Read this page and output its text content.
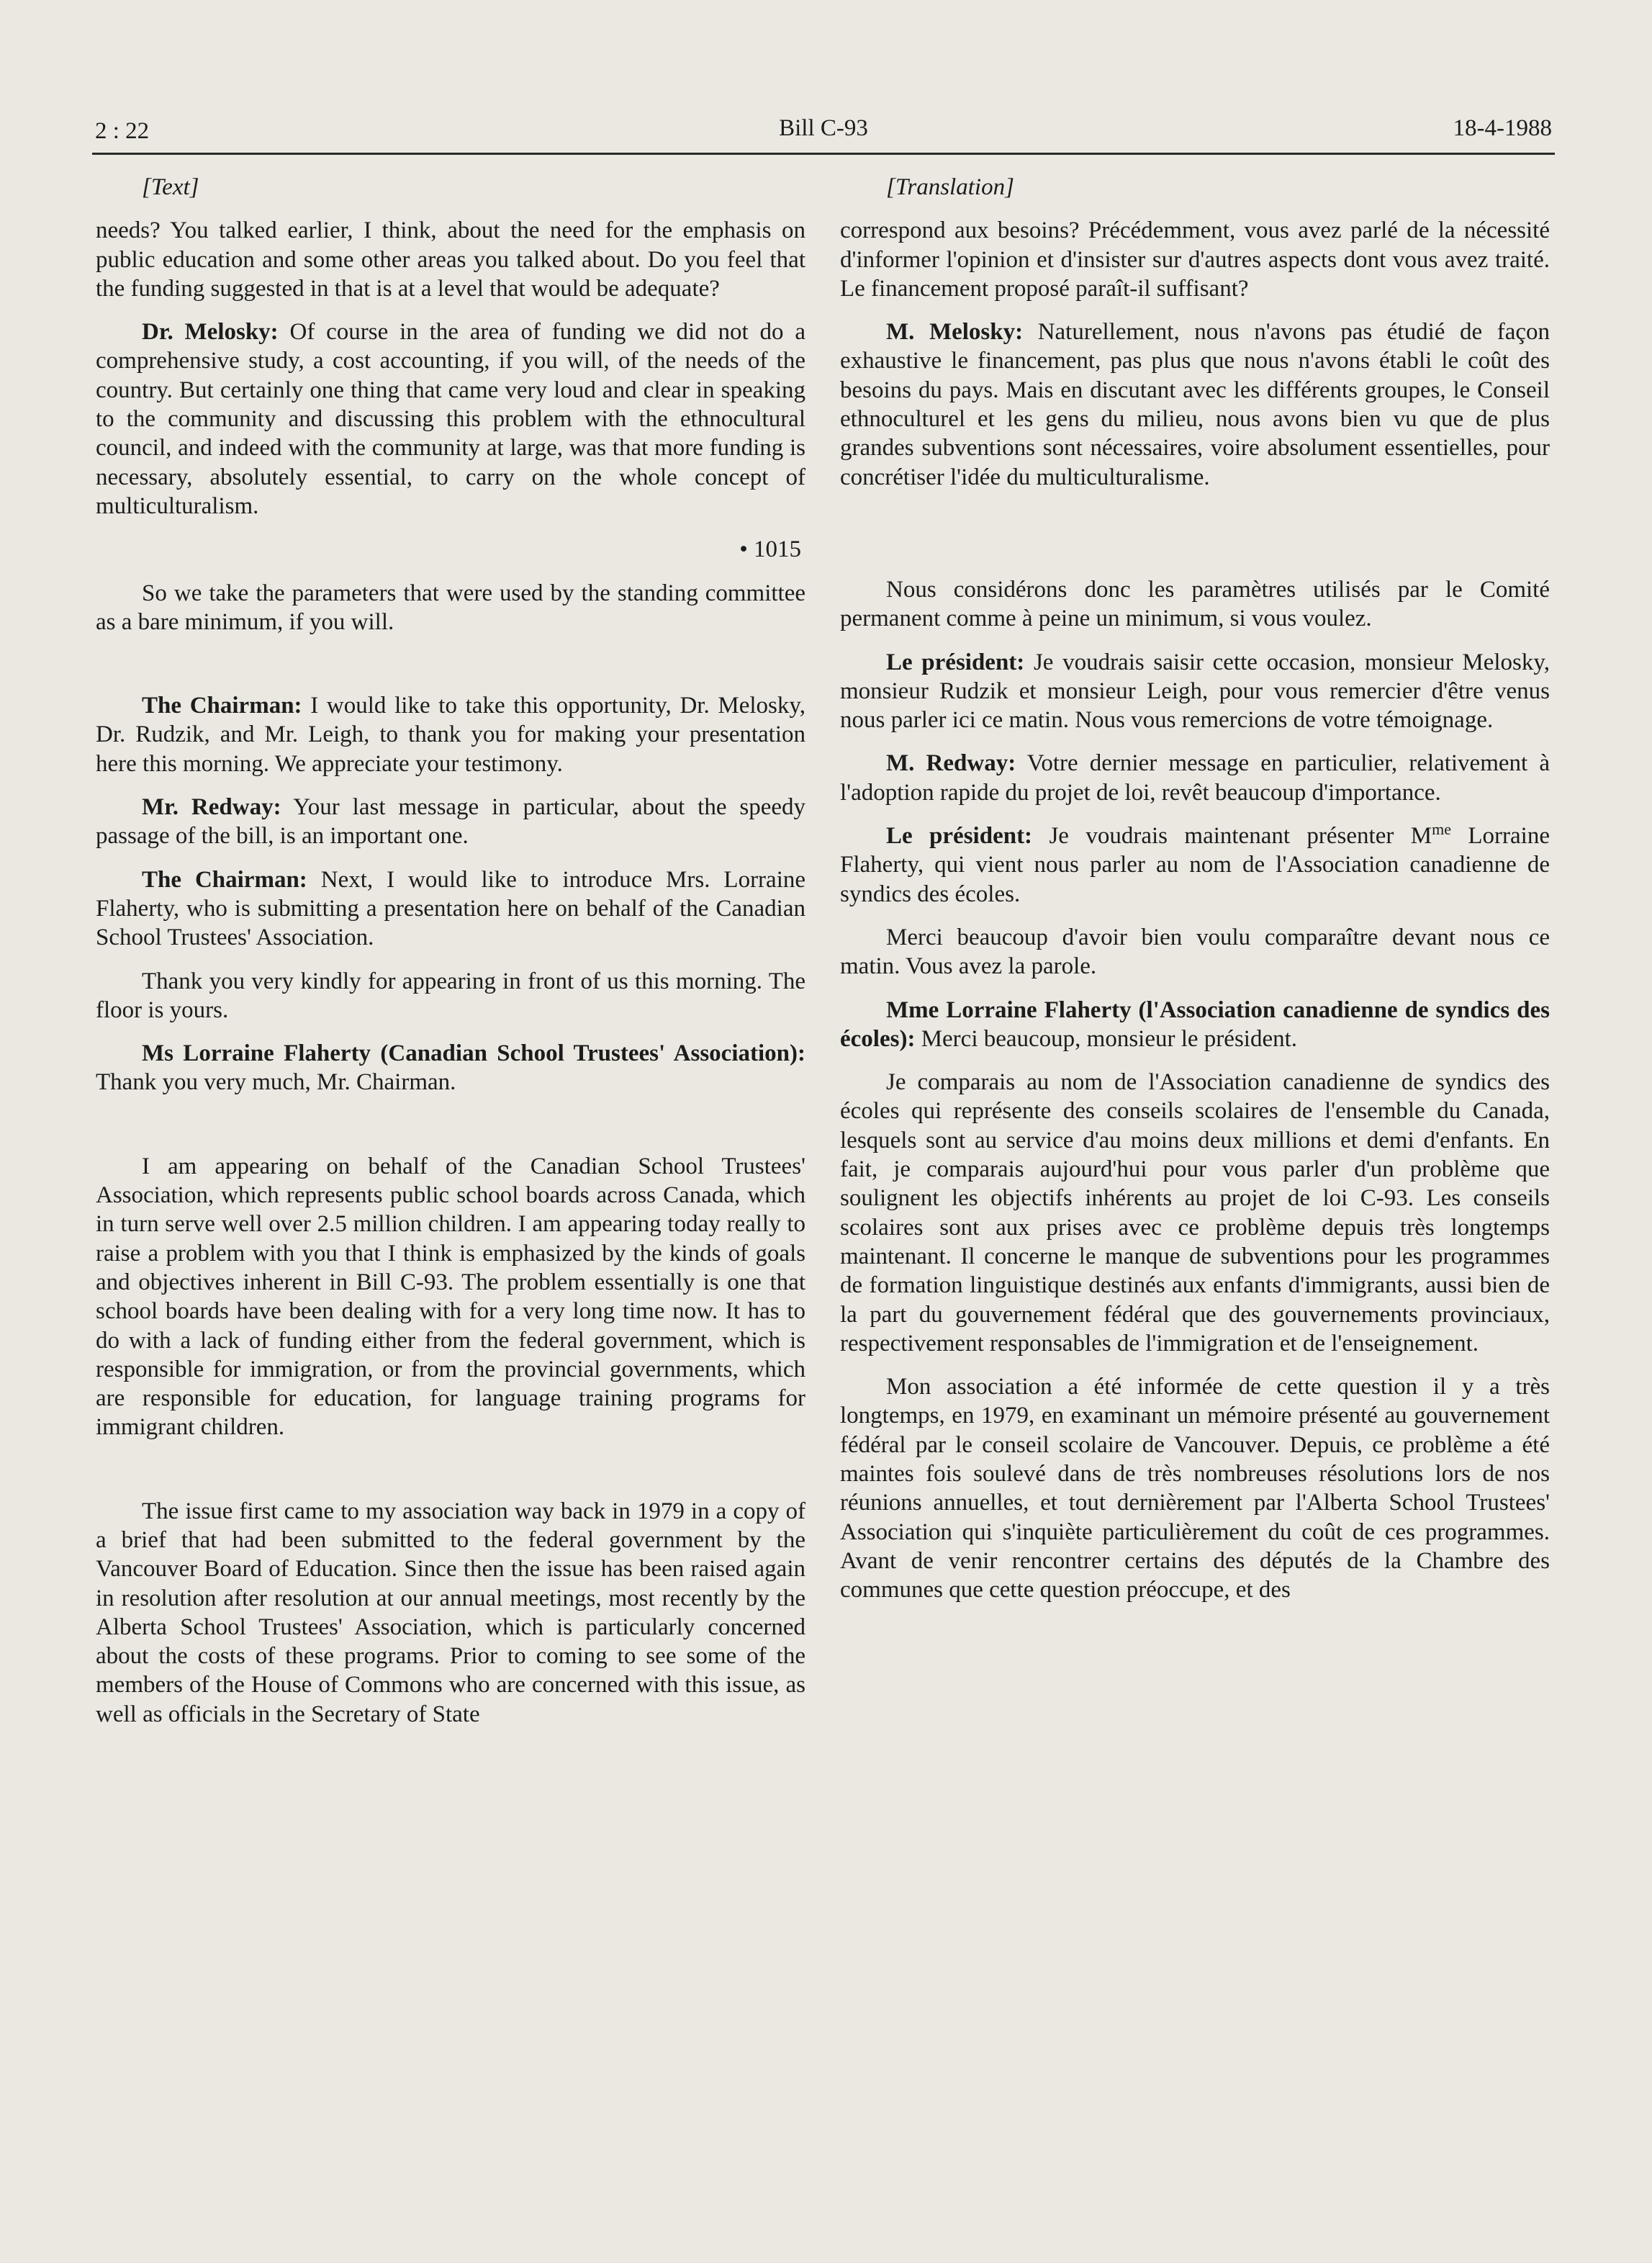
2 : 22	Bill C-93	18-4-1988

[Text]

needs? You talked earlier, I think, about the need for the emphasis on public education and some other areas you talked about. Do you feel that the funding suggested in that is at a level that would be adequate?

Dr. Melosky: Of course in the area of funding we did not do a comprehensive study, a cost accounting, if you will, of the needs of the country. But certainly one thing that came very loud and clear in speaking to the community and discussing this problem with the ethnocultural council, and indeed with the community at large, was that more funding is necessary, absolutely essential, to carry on the whole concept of multiculturalism.

• 1015

So we take the parameters that were used by the standing committee as a bare minimum, if you will.

The Chairman: I would like to take this opportunity, Dr. Melosky, Dr. Rudzik, and Mr. Leigh, to thank you for making your presentation here this morning. We appreciate your testimony.

Mr. Redway: Your last message in particular, about the speedy passage of the bill, is an important one.

The Chairman: Next, I would like to introduce Mrs. Lorraine Flaherty, who is submitting a presentation here on behalf of the Canadian School Trustees' Association.

Thank you very kindly for appearing in front of us this morning. The floor is yours.

Ms Lorraine Flaherty (Canadian School Trustees' Association): Thank you very much, Mr. Chairman.

I am appearing on behalf of the Canadian School Trustees' Association, which represents public school boards across Canada, which in turn serve well over 2.5 million children. I am appearing today really to raise a problem with you that I think is emphasized by the kinds of goals and objectives inherent in Bill C-93. The problem essentially is one that school boards have been dealing with for a very long time now. It has to do with a lack of funding either from the federal government, which is responsible for immigration, or from the provincial governments, which are responsible for education, for language training programs for immigrant children.

The issue first came to my association way back in 1979 in a copy of a brief that had been submitted to the federal government by the Vancouver Board of Education. Since then the issue has been raised again in resolution after resolution at our annual meetings, most recently by the Alberta School Trustees' Association, which is particularly concerned about the costs of these programs. Prior to coming to see some of the members of the House of Commons who are concerned with this issue, as well as officials in the Secretary of State

[Translation]

correspond aux besoins? Précédemment, vous avez parlé de la nécessité d'informer l'opinion et d'insister sur d'autres aspects dont vous avez traité. Le financement proposé paraît-il suffisant?

M. Melosky: Naturellement, nous n'avons pas étudié de façon exhaustive le financement, pas plus que nous n'avons établi le coût des besoins du pays. Mais en discutant avec les différents groupes, le Conseil ethnoculturel et les gens du milieu, nous avons bien vu que de plus grandes subventions sont nécessaires, voire absolument essentielles, pour concrétiser l'idée du multiculturalisme.

Nous considérons donc les paramètres utilisés par le Comité permanent comme à peine un minimum, si vous voulez.

Le président: Je voudrais saisir cette occasion, monsieur Melosky, monsieur Rudzik et monsieur Leigh, pour vous remercier d'être venus nous parler ici ce matin. Nous vous remercions de votre témoignage.

M. Redway: Votre dernier message en particulier, relativement à l'adoption rapide du projet de loi, revêt beaucoup d'importance.

Le président: Je voudrais maintenant présenter $M^{me}$ Lorraine Flaherty, qui vient nous parler au nom de l'Association canadienne de syndics des écoles.

Merci beaucoup d'avoir bien voulu comparaître devant nous ce matin. Vous avez la parole.

Mme Lorraine Flaherty (l'Association canadienne de syndics des écoles): Merci beaucoup, monsieur le président.

Je comparais au nom de l'Association canadienne de syndics des écoles qui représente des conseils scolaires de l'ensemble du Canada, lesquels sont au service d'au moins deux millions et demi d'enfants. En fait, je comparais aujourd'hui pour vous parler d'un problème que soulignent les objectifs inhérents au projet de loi C-93. Les conseils scolaires sont aux prises avec ce problème depuis très longtemps maintenant. Il concerne le manque de subventions pour les programmes de formation linguistique destinés aux enfants d'immigrants, aussi bien de la part du gouvernement fédéral que des gouvernements provinciaux, respectivement responsables de l'immigration et de l'enseignement.

Mon association a été informée de cette question il y a très longtemps, en 1979, en examinant un mémoire présenté au gouvernement fédéral par le conseil scolaire de Vancouver. Depuis, ce problème a été maintes fois soulevé dans de très nombreuses résolutions lors de nos réunions annuelles, et tout dernièrement par l'Alberta School Trustees' Association qui s'inquiète particulièrement du coût de ces programmes. Avant de venir rencontrer certains des députés de la Chambre des communes que cette question préoccupe, et des
